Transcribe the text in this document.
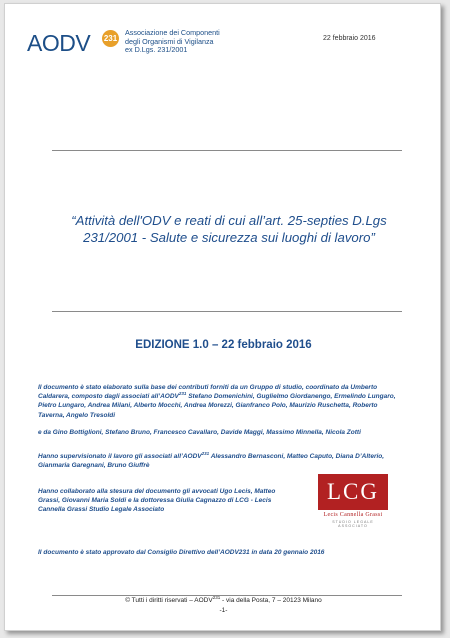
AODV 231
Associazione dei Componenti
degli Organismi di Vigilanza
ex D.Lgs. 231/2001
22 febbraio 2016
“Attività dell'ODV e reati di cui all’art. 25-septies D.Lgs 231/2001 - Salute e sicurezza sui luoghi di lavoro”
EDIZIONE 1.0 – 22 febbraio 2016
Il documento è stato elaborato sulla base dei contributi forniti da un Gruppo di studio, coordinato da Umberto Caldarera, composto dagli associati all’AODV$^{231}$ Stefano Domenichini, Guglielmo Giordanengo, Ermelindo Lungaro, Pietro Lungaro, Andrea Milani, Alberto Mocchi, Andrea Morezzi, Gianfranco Polo, Maurizio Ruschetta, Roberto Taverna, Angelo Tresoldi
e da Gino Bottiglioni, Stefano Bruno, Francesco Cavallaro, Davide Maggi, Massimo Minnella, Nicola Zotti
Hanno supervisionato il lavoro gli associati all’AODV$^{231}$ Alessandro Bernasconi, Matteo Caputo, Diana D’Alterio, Gianmaria Garegnani, Bruno Giuffrè
Hanno collaborato alla stesura del documento gli avvocati Ugo Lecis, Matteo Grassi, Giovanni Maria Soldi e la dottoressa Giulia Cagnazzo di LCG - Lecis Cannella Grassi Studio Legale Associato
LCG
Lecis Cannella Grassi
STUDIO LEGALE ASSOCIATO
Il documento è stato approvato dal Consiglio Direttivo dell’AODV231 in data 20 gennaio 2016
© Tutti i diritti riservati – AODV$^{231}$ - via della Posta, 7 – 20123 Milano
-1-
